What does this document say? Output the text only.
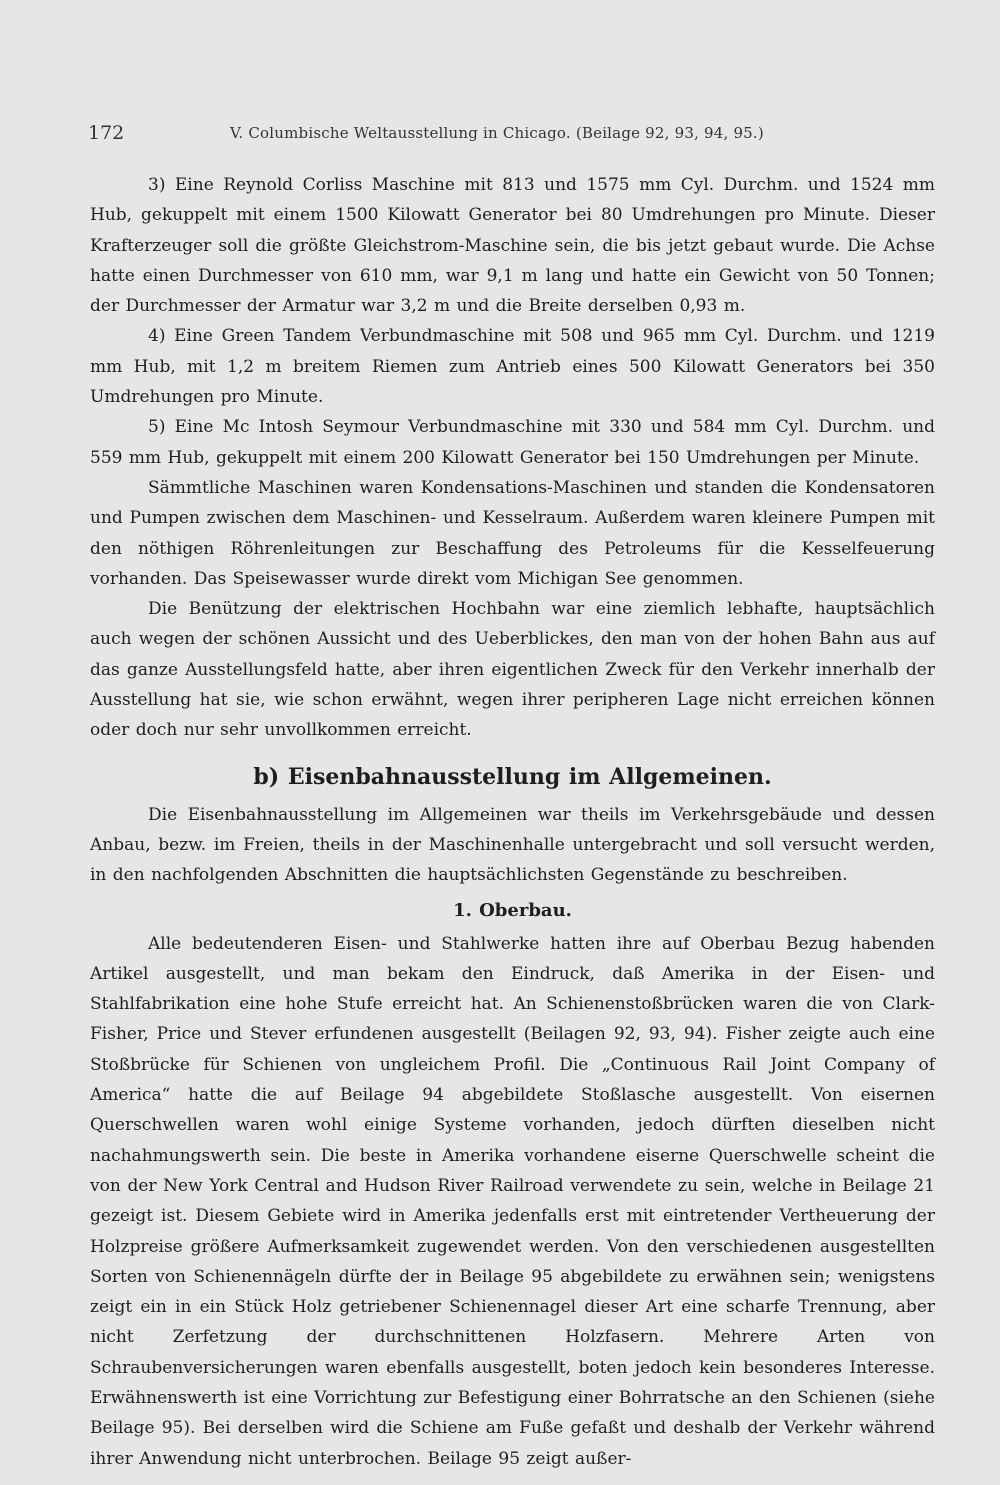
172	V. Columbische Weltausstellung in Chicago. (Beilage 92, 93, 94, 95.)

3) Eine Reynold Corliss Maschine mit 813 und 1575 mm Cyl. Durchm. und 1524 mm Hub, gekuppelt mit einem 1500 Kilowatt Generator bei 80 Umdrehungen pro Minute. Dieser Krafterzeuger soll die größte Gleichstrom-Maschine sein, die bis jetzt gebaut wurde. Die Achse hatte einen Durchmesser von 610 mm, war 9,1 m lang und hatte ein Gewicht von 50 Tonnen; der Durchmesser der Armatur war 3,2 m und die Breite derselben 0,93 m.

4) Eine Green Tandem Verbundmaschine mit 508 und 965 mm Cyl. Durchm. und 1219 mm Hub, mit 1,2 m breitem Riemen zum Antrieb eines 500 Kilowatt Generators bei 350 Umdrehungen pro Minute.

5) Eine Mc Intosh Seymour Verbundmaschine mit 330 und 584 mm Cyl. Durchm. und 559 mm Hub, gekuppelt mit einem 200 Kilowatt Generator bei 150 Umdrehungen per Minute.

Sämmtliche Maschinen waren Kondensations-Maschinen und standen die Kondensatoren und Pumpen zwischen dem Maschinen- und Kesselraum. Außerdem waren kleinere Pumpen mit den nöthigen Röhrenleitungen zur Beschaffung des Petroleums für die Kesselfeuerung vorhanden. Das Speisewasser wurde direkt vom Michigan See genommen.

Die Benützung der elektrischen Hochbahn war eine ziemlich lebhafte, hauptsächlich auch wegen der schönen Aussicht und des Ueberblickes, den man von der hohen Bahn aus auf das ganze Ausstellungsfeld hatte, aber ihren eigentlichen Zweck für den Verkehr innerhalb der Ausstellung hat sie, wie schon erwähnt, wegen ihrer peripheren Lage nicht erreichen können oder doch nur sehr unvollkommen erreicht.

b) Eisenbahnausstellung im Allgemeinen.

Die Eisenbahnausstellung im Allgemeinen war theils im Verkehrsgebäude und dessen Anbau, bezw. im Freien, theils in der Maschinenhalle untergebracht und soll versucht werden, in den nachfolgenden Abschnitten die hauptsächlichsten Gegenstände zu beschreiben.

1. Oberbau.

Alle bedeutenderen Eisen- und Stahlwerke hatten ihre auf Oberbau Bezug habenden Artikel ausgestellt, und man bekam den Eindruck, daß Amerika in der Eisen- und Stahlfabrikation eine hohe Stufe erreicht hat. An Schienenstoßbrücken waren die von Clark-Fisher, Price und Stever erfundenen ausgestellt (Beilagen 92, 93, 94). Fisher zeigte auch eine Stoßbrücke für Schienen von ungleichem Profil. Die „Continuous Rail Joint Company of America“ hatte die auf Beilage 94 abgebildete Stoßlasche ausgestellt. Von eisernen Querschwellen waren wohl einige Systeme vorhanden, jedoch dürften dieselben nicht nachahmungswerth sein. Die beste in Amerika vorhandene eiserne Querschwelle scheint die von der New York Central and Hudson River Railroad verwendete zu sein, welche in Beilage 21 gezeigt ist. Diesem Gebiete wird in Amerika jedenfalls erst mit eintretender Vertheuerung der Holzpreise größere Aufmerksamkeit zugewendet werden. Von den verschiedenen ausgestellten Sorten von Schienennägeln dürfte der in Beilage 95 abgebildete zu erwähnen sein; wenigstens zeigt ein in ein Stück Holz getriebener Schienennagel dieser Art eine scharfe Trennung, aber nicht Zerfetzung der durchschnittenen Holzfasern. Mehrere Arten von Schraubenversicherungen waren ebenfalls ausgestellt, boten jedoch kein besonderes Interesse. Erwähnenswerth ist eine Vorrichtung zur Befestigung einer Bohrratsche an den Schienen (siehe Beilage 95). Bei derselben wird die Schiene am Fuße gefaßt und deshalb der Verkehr während ihrer Anwendung nicht unterbrochen. Beilage 95 zeigt außer-
